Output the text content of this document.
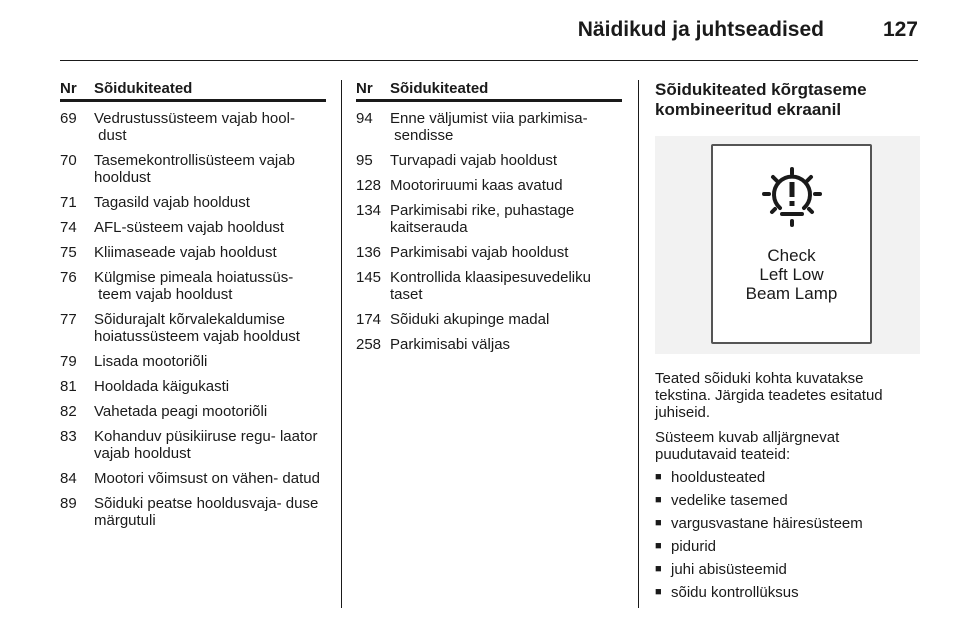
Näidikud ja juhtseadised	127
Nr	Sõidukiteated
69	Vedrustussüsteem vajab hool- dust
70	Tasemekontrollisüsteem vajab hooldust
71	Tagasild vajab hooldust
74	AFL-süsteem vajab hooldust
75	Kliimaseade vajab hooldust
76	Külgmise pimeala hoiatussüs- teem vajab hooldust
77	Sõidurajalt kõrvalekaldumise hoiatussüsteem vajab hooldust
79	Lisada mootoriõli
81	Hooldada käigukasti
82	Vahetada peagi mootoriõli
83	Kohanduv püsikiiruse regu- laator vajab hooldust
84	Mootori võimsust on vähen- datud
89	Sõiduki peatse hooldusvaja- duse märgutuli
Nr	Sõidukiteated
94	Enne väljumist viia parkimisa- sendisse
95	Turvapadi vajab hooldust
128 Mootoriruumi kaas avatud
134 Parkimisabi rike, puhastage kaitserauda
136 Parkimisabi vajab hooldust
145 Kontrollida klaasipesuvedeliku taset
174 Sõiduki akupinge madal
258 Parkimisabi väljas
Sõidukiteated kõrgtaseme
kombineeritud ekraanil
Check
Left Low
Beam Lamp

Teated sõiduki kohta kuvatakse tekstina. Järgida teadetes esitatud juhiseid.

Süsteem kuvab alljärgnevat puudutavaid teateid:

■ hooldusteated
■ vedelike tasemed
■ vargusvastane häiresüsteem
■ pidurid
■ juhi abisüsteemid
■ sõidu kontrollüksus
